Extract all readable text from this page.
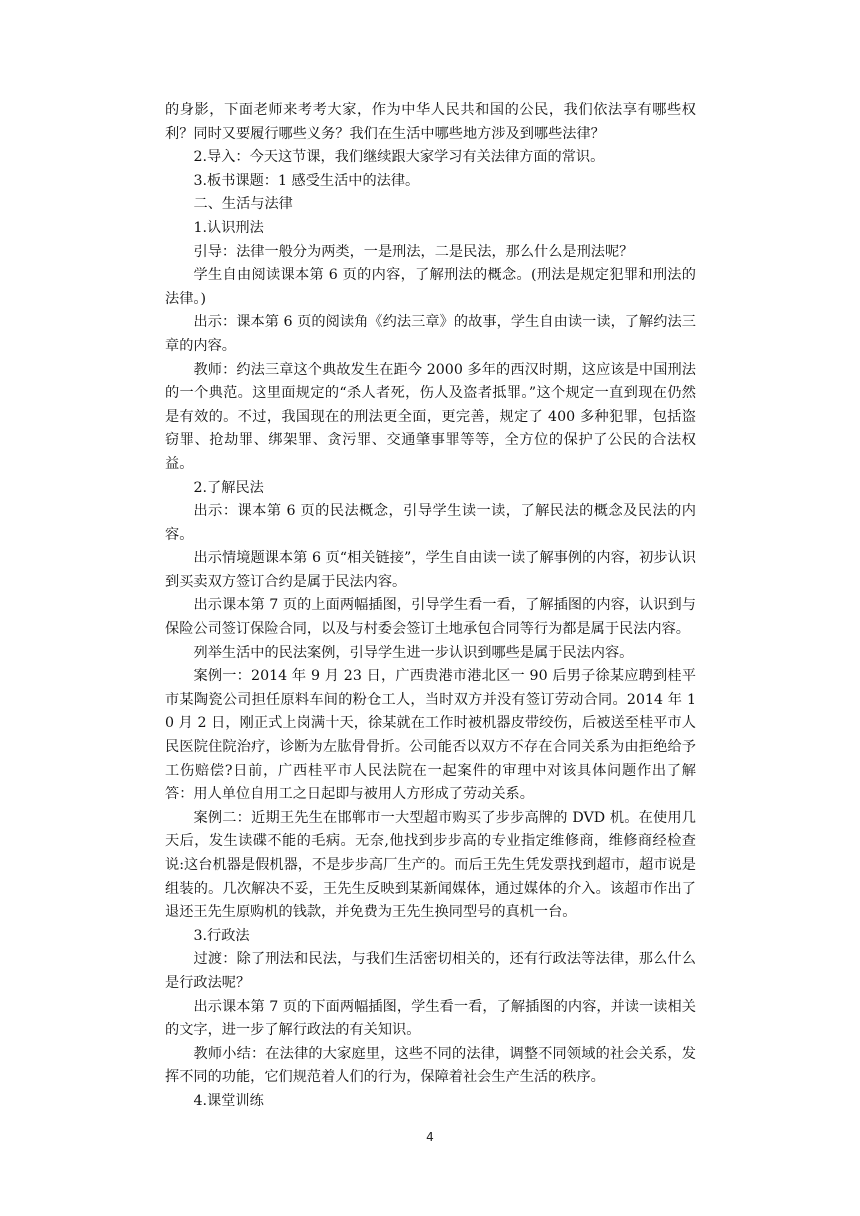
的身影，下面老师来考考大家，作为中华人民共和国的公民，我们依法享有哪些权利？同时又要履行哪些义务？我们在生活中哪些地方涉及到哪些法律？

2.导入：今天这节课，我们继续跟大家学习有关法律方面的常识。

3.板书课题：1 感受生活中的法律。

二、生活与法律

1.认识刑法

引导：法律一般分为两类，一是刑法，二是民法，那么什么是刑法呢？

学生自由阅读课本第 6 页的内容，了解刑法的概念。(刑法是规定犯罪和刑法的法律。)

出示：课本第 6 页的阅读角《约法三章》的故事，学生自由读一读，了解约法三章的内容。

教师：约法三章这个典故发生在距今 2000 多年的西汉时期，这应该是中国刑法的一个典范。这里面规定的“杀人者死，伤人及盗者抵罪。”这个规定一直到现在仍然是有效的。不过，我国现在的刑法更全面，更完善，规定了 400 多种犯罪，包括盗窃罪、抢劫罪、绑架罪、贪污罪、交通肇事罪等等，全方位的保护了公民的合法权益。

2.了解民法

出示：课本第 6 页的民法概念，引导学生读一读，了解民法的概念及民法的内容。

出示情境题课本第 6 页“相关链接”，学生自由读一读了解事例的内容，初步认识到买卖双方签订合约是属于民法内容。

出示课本第 7 页的上面两幅插图，引导学生看一看，了解插图的内容，认识到与保险公司签订保险合同，以及与村委会签订土地承包合同等行为都是属于民法内容。

列举生活中的民法案例，引导学生进一步认识到哪些是属于民法内容。

案例一：2014 年 9 月 23 日，广西贵港市港北区一 90 后男子徐某应聘到桂平市某陶瓷公司担任原料车间的粉仓工人，当时双方并没有签订劳动合同。2014 年 10 月 2 日，刚正式上岗满十天，徐某就在工作时被机器皮带绞伤，后被送至桂平市人民医院住院治疗，诊断为左肱骨骨折。公司能否以双方不存在合同关系为由拒绝给予工伤赔偿?日前，广西桂平市人民法院在一起案件的审理中对该具体问题作出了解答：用人单位自用工之日起即与被用人方形成了劳动关系。

案例二：近期王先生在邯郸市一大型超市购买了步步高牌的 DVD 机。在使用几天后，发生读碟不能的毛病。无奈,他找到步步高的专业指定维修商，维修商经检查说:这台机器是假机器，不是步步高厂生产的。而后王先生凭发票找到超市，超市说是组装的。几次解决不妥，王先生反映到某新闻媒体，通过媒体的介入。该超市作出了退还王先生原购机的钱款，并免费为王先生换同型号的真机一台。

3.行政法

过渡：除了刑法和民法，与我们生活密切相关的，还有行政法等法律，那么什么是行政法呢？

出示课本第 7 页的下面两幅插图，学生看一看，了解插图的内容，并读一读相关的文字，进一步了解行政法的有关知识。

教师小结：在法律的大家庭里，这些不同的法律，调整不同领域的社会关系，发挥不同的功能，它们规范着人们的行为，保障着社会生产生活的秩序。

4.课堂训练

4
